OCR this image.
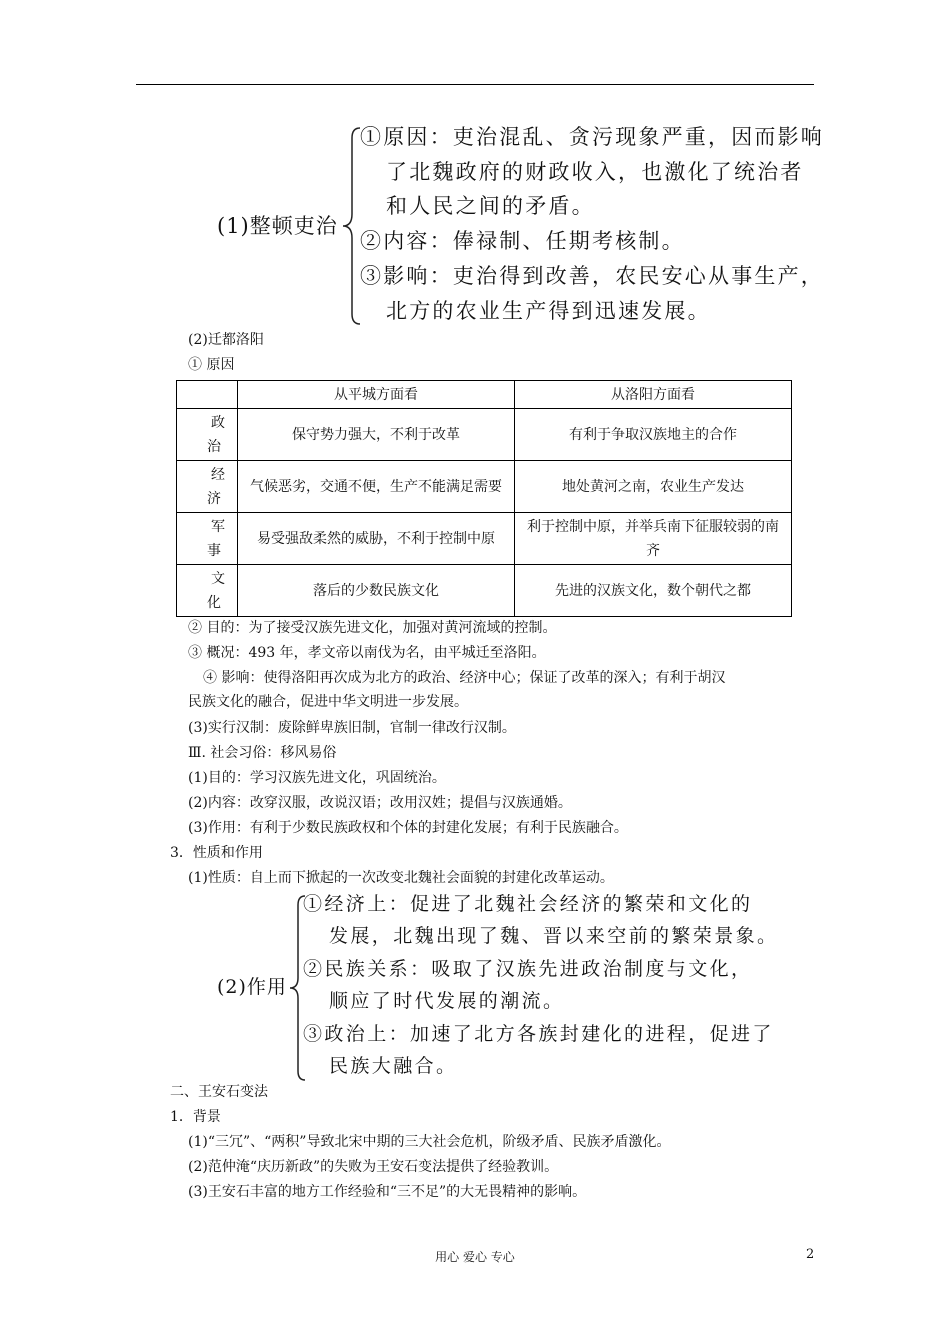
(1)整顿吏治
①原因：吏治混乱、贪污现象严重，因而影响
了北魏政府的财政收入，也激化了统治者
和人民之间的矛盾。
②内容：俸禄制、任期考核制。
③影响：吏治得到改善，农民安心从事生产，
北方的农业生产得到迅速发展。
(2)迁都洛阳
① 原因
	从平城方面看	从洛阳方面看

政
治	保守势力强大，不利于改革	有利于争取汉族地主的合作

经
济	气候恶劣，交通不便，生产不能满足需要	地处黄河之南，农业生产发达

军
事	易受强敌柔然的威胁，不利于控制中原	利于控制中原，并举兵南下征服较弱的南齐

文
化	落后的少数民族文化	先进的汉族文化，数个朝代之都
② 目的：为了接受汉族先进文化，加强对黄河流域的控制。
③ 概况：493 年，孝文帝以南伐为名，由平城迁至洛阳。
④ 影响：使得洛阳再次成为北方的政治、经济中心；保证了改革的深入；有利于胡汉
民族文化的融合，促进中华文明进一步发展。
(3)实行汉制：废除鲜卑族旧制，官制一律改行汉制。
Ⅲ. 社会习俗：移风易俗
(1)目的：学习汉族先进文化，巩固统治。
(2)内容：改穿汉服，改说汉语；改用汉姓；提倡与汉族通婚。
(3)作用：有利于少数民族政权和个体的封建化发展；有利于民族融合。
3．性质和作用
(1)性质：自上而下掀起的一次改变北魏社会面貌的封建化改革运动。
(2)作用
①经济上：促进了北魏社会经济的繁荣和文化的
发展，北魏出现了魏、晋以来空前的繁荣景象。
②民族关系：吸取了汉族先进政治制度与文化，
顺应了时代发展的潮流。
③政治上：加速了北方各族封建化的进程，促进了
民族大融合。
二、王安石变法
1．背景
(1)“三冗”、“两积”导致北宋中期的三大社会危机，阶级矛盾、民族矛盾激化。
(2)范仲淹“庆历新政”的失败为王安石变法提供了经验教训。
(3)王安石丰富的地方工作经验和“三不足”的大无畏精神的影响。
用心 爱心 专心	2
